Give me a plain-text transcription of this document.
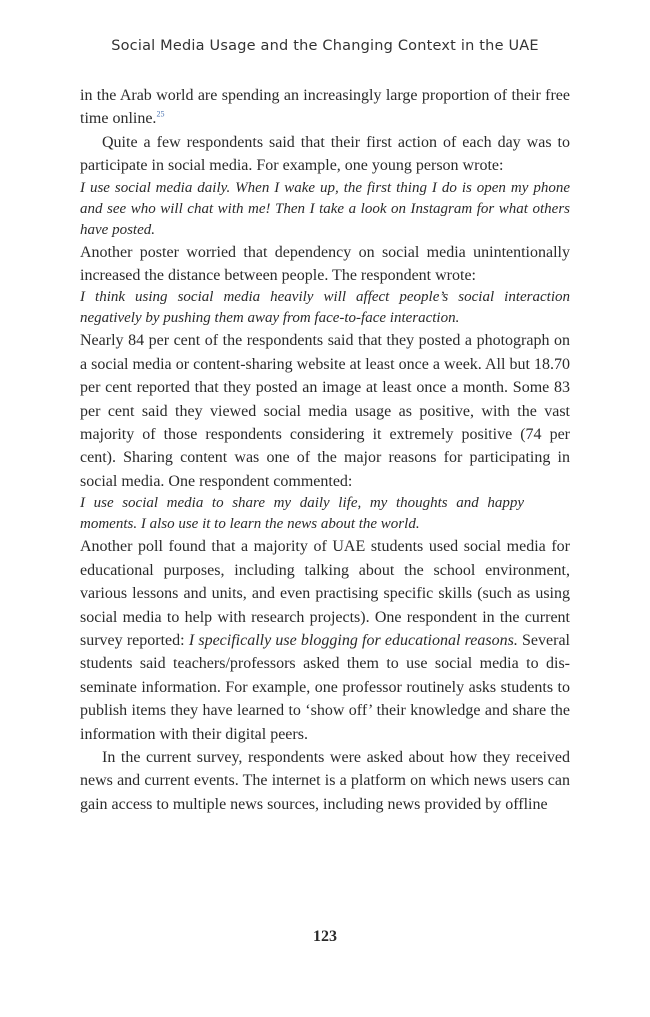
Social Media Usage and the Changing Context in the UAE

in the Arab world are spending an increasingly large proportion of their free time online.$^{25}$

Quite a few respondents said that their first action of each day was to participate in social media. For example, one young person wrote:

I use social media daily. When I wake up, the first thing I do is open my phone and see who will chat with me! Then I take a look on Instagram for what others have posted.

Another poster worried that dependency on social media unintentionally increased the distance between people. The respondent wrote:

I think using social media heavily will affect people’s social interaction negatively by pushing them away from face-to-face interaction.

Nearly 84 per cent of the respondents said that they posted a photograph on a social media or content-sharing website at least once a week. All but 18.70 per cent reported that they posted an image at least once a month. Some 83 per cent said they viewed social media usage as positive, with the vast majority of those respondents considering it extremely positive (74 per cent). Sharing content was one of the major reasons for participating in social media. One respondent commented:

I use social media to share my daily life, my thoughts and happy moments. I also use it to learn the news about the world.

Another poll found that a majority of UAE students used social media for educational purposes, including talking about the school environment, various lessons and units, and even practising specific skills (such as using social media to help with research projects). One respondent in the current survey reported: I specifically use blogging for educational reasons. Several students said teachers/professors asked them to use social media to disseminate information. For example, one professor routinely asks students to publish items they have learned to ‘show off’ their knowledge and share the information with their digital peers.

In the current survey, respondents were asked about how they received news and current events. The internet is a platform on which news users can gain access to multiple news sources, including news provided by offline

123
